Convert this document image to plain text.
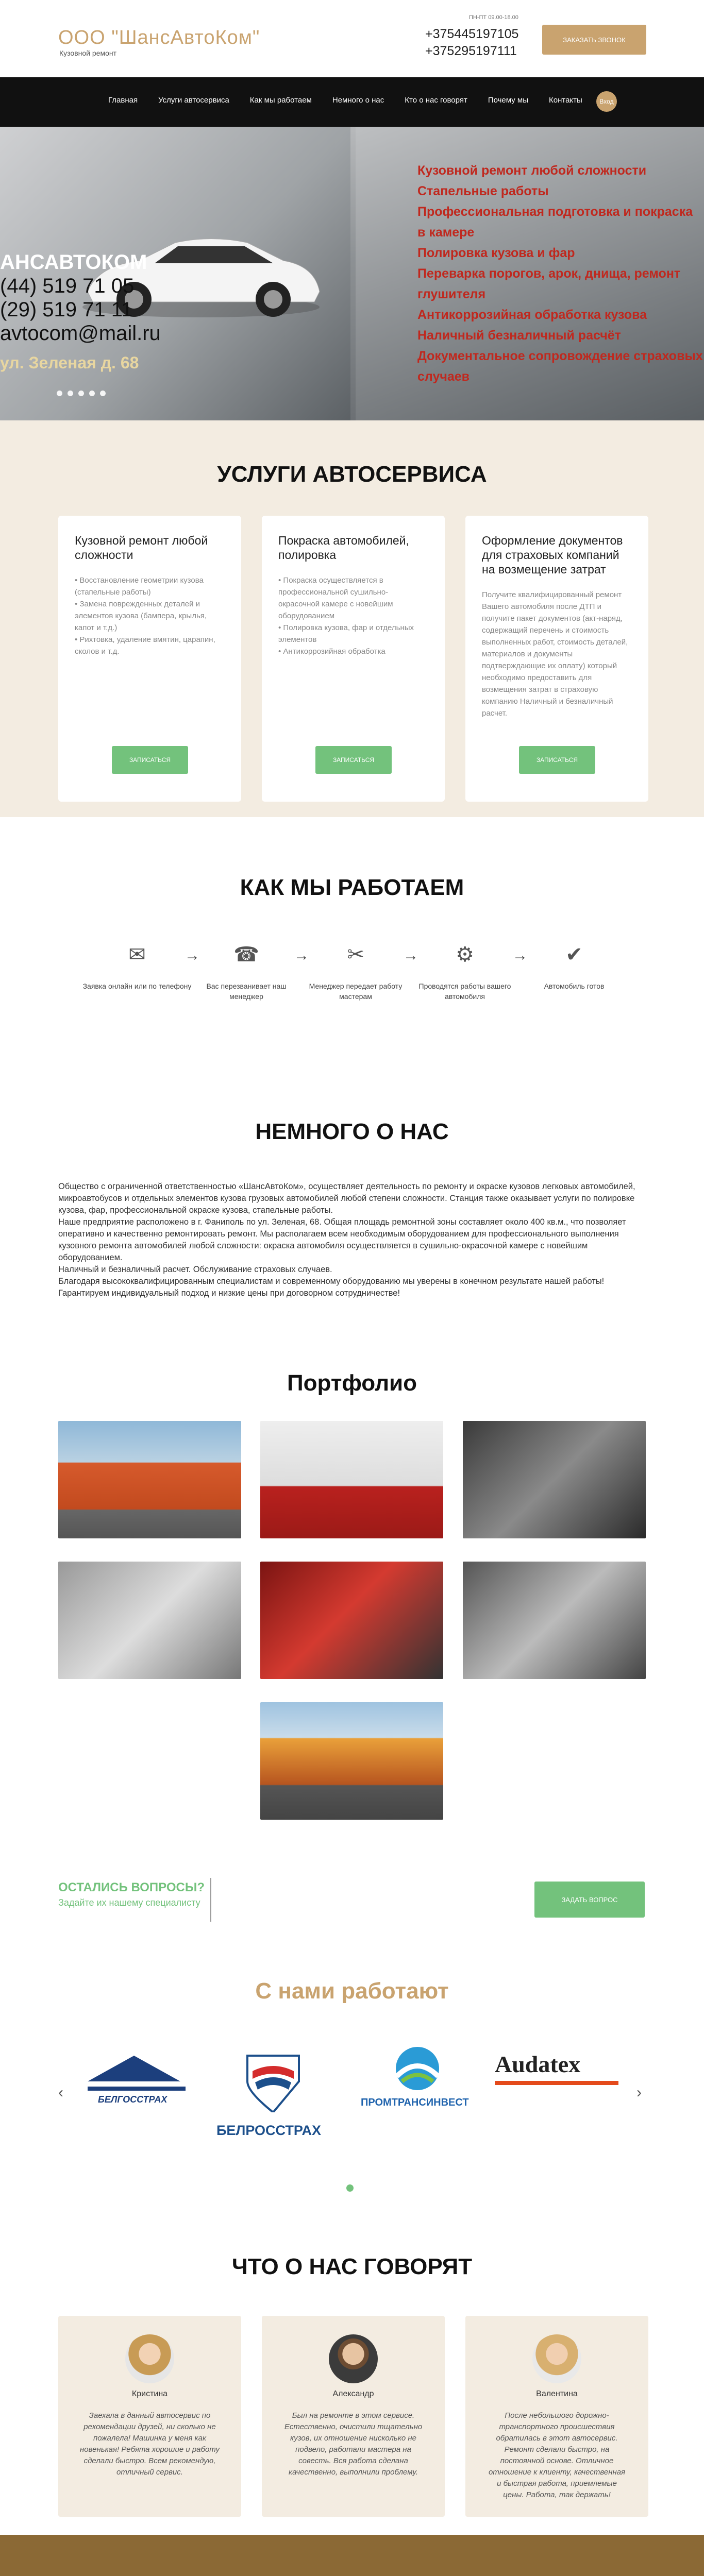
ООО "ШансАвтоКом"
Кузовной ремонт
ПН-ПТ 09.00-18.00
+375445197105
+375295197111
ЗАКАЗАТЬ ЗВОНОК
Главная	Услуги автосервиса	Как мы работаем	Немного о нас	Кто о нас говорят	Почему мы	Контакты	Вход
АНСАВТОКОМ
(44) 519 71 05
(29) 519 71 11
avtocom@mail.ru
ул. Зеленая д. 68
Кузовной ремонт любой сложности
Стапельные работы
Профессиональная подготовка и покраска в камере
Полировка кузова и фар
Переварка порогов, арок, днища, ремонт глушителя
Антикоррозийная обработка кузова
Наличный безналичный расчёт
Документальное сопровождение страховых случаев
УСЛУГИ АВТОСЕРВИСА
Кузовной ремонт любой сложности

• Восстановление геометрии кузова (стапельные работы)
• Замена поврежденных деталей и элементов кузова (бампера, крылья, капот и т.д.)
• Рихтовка, удаление вмятин, царапин, сколов и т.д.

ЗАПИСАТЬСЯ
Покраска автомобилей, полировка

• Покраска осуществляется в профессиональной сушильно-окрасочной камере с новейшим оборудованием
• Полировка кузова, фар и отдельных элементов
• Антикоррозийная обработка

ЗАПИСАТЬСЯ
Оформление документов для страховых компаний на возмещение затрат

Получите квалифицированный ремонт Вашего автомобиля после ДТП и получите пакет документов (акт-наряд, содержащий перечень и стоимость выполненных работ, стоимость деталей, материалов и документы подтверждающие их оплату) который необходимо предоставить для возмещения затрат в страховую компанию Наличный и безналичный расчет.

ЗАПИСАТЬСЯ
КАК МЫ РАБОТАЕМ
✉
Заявка онлайн или по телефону
→ ☎
Вас перезванивает наш менеджер
→	✂
Менеджер передает работу мастерам
→	⚙
Проводятся работы вашего автомобиля
→	✔
Автомобиль готов
НЕМНОГО О НАС
Общество с ограниченной ответственностью «ШансАвтоКом», осуществляет деятельность по ремонту и окраске кузовов легковых автомобилей, микроавтобусов и отдельных элементов кузова грузовых автомобилей любой степени сложности. Станция также оказывает услуги по полировке кузова, фар, профессиональной окраске кузова, стапельные работы.
Наше предприятие расположено в г. Фаниполь по ул. Зеленая, 68. Общая площадь ремонтной зоны составляет около 400 кв.м., что позволяет оперативно и качественно ремонтировать ремонт. Мы располагаем всем необходимым оборудованием для профессионального выполнения кузовного ремонта автомобилей любой сложности: окраска автомобиля осуществляется в сушильно-окрасочной камере с новейшим оборудованием.
Наличный и безналичный расчет. Обслуживание страховых случаев.
Благодаря высококвалифицированным специалистам и современному оборудованию мы уверены в конечном результате нашей работы!
Гарантируем индивидуальный подход и низкие цены при договорном сотрудничестве!
Портфолио
ОСТАЛИСЬ ВОПРОСЫ?
Задайте их нашему специалисту	ЗАДАТЬ ВОПРОС
С нами работают
‹	›
БЕЛГОССТРАХ
БЕЛРОССТРАХ
ПРОМТРАНСИНВЕСТ
Audatex
ЧТО О НАС ГОВОРЯТ
Кристина
Заехала в данный автосервис по рекомендации друзей, ни сколько не пожалела! Машинка у меня как новенькая! Ребята хорошие и работу сделали быстро. Всем рекомендую, отличный сервис.
Александр
Был на ремонте в этом сервисе. Естественно, очистили тщательно кузов, их отношение нисколько не подвело, работали мастера на совесть. Вся работа сделана качественно, выполнили проблему.
Валентина
После небольшого дорожно-транспортного происшествия обратилась в этот автосервис. Ремонт сделали быстро, на постоянной основе. Отличное отношение к клиенту, качественная и быстрая работа, приемлемые цены. Работа, так держать!
